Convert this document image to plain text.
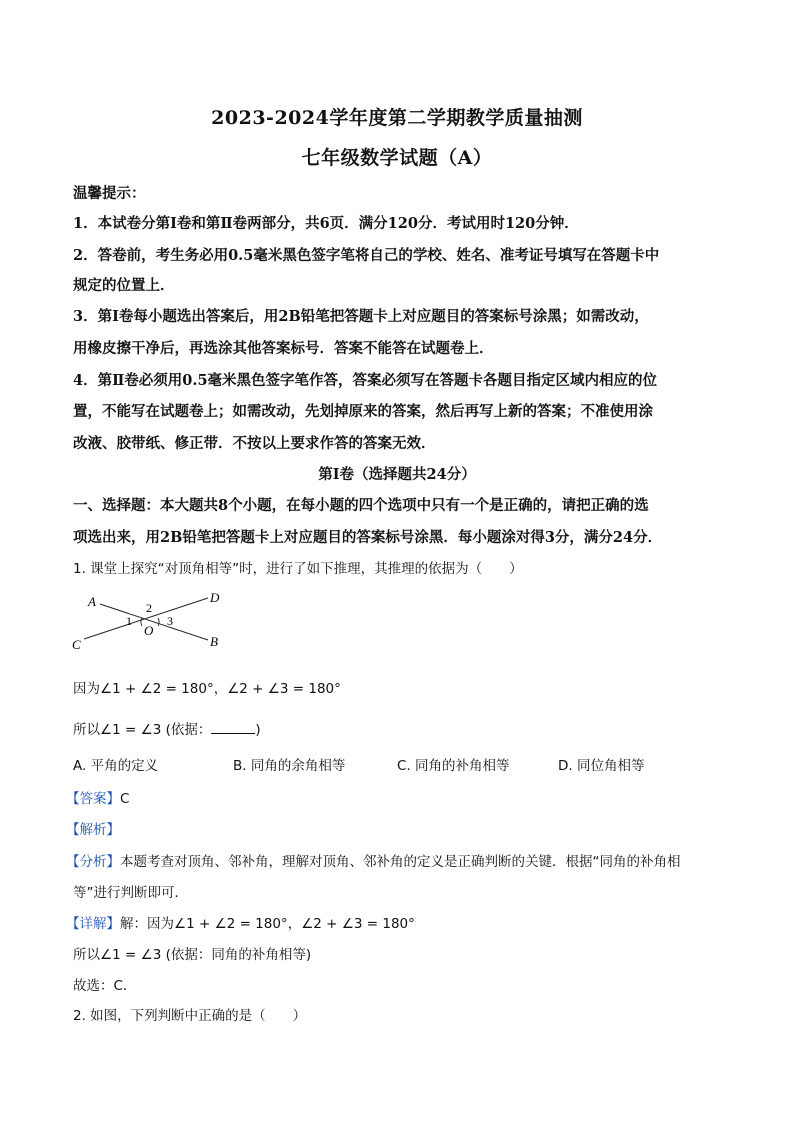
2023-2024学年度第二学期教学质量抽测
七年级数学试题（A）
温馨提示：
1．本试卷分第Ⅰ卷和第Ⅱ卷两部分，共6页．满分120分．考试用时120分钟．
2．答卷前，考生务必用0.5毫米黑色签字笔将自己的学校、姓名、准考证号填写在答题卡中
规定的位置上．
3．第Ⅰ卷每小题选出答案后，用2B铅笔把答题卡上对应题目的答案标号涂黑；如需改动，
用橡皮擦干净后，再选涂其他答案标号．答案不能答在试题卷上．
4．第Ⅱ卷必须用0.5毫米黑色签字笔作答，答案必须写在答题卡各题目指定区域内相应的位
置，不能写在试题卷上；如需改动，先划掉原来的答案，然后再写上新的答案；不准使用涂
改液、胶带纸、修正带．不按以上要求作答的答案无效．
第Ⅰ卷（选择题共24分）
一、选择题：本大题共8个小题，在每小题的四个选项中只有一个是正确的，请把正确的选
项选出来，用2B铅笔把答题卡上对应题目的答案标号涂黑．每小题涂对得3分，满分24分．
1. 课堂上探究“对顶角相等”时，进行了如下推理，其推理的依据为（　　）
A
B
C
D
O
1
2
3
因为∠1 + ∠2 = 180°，∠2 + ∠3 = 180°
所以∠1 = ∠3 (依据：	)
A. 平角的定义	B. 同角的余角相等	C. 同角的补角相等	D. 同位角相等
【答案】C
【解析】
【分析】本题考查对顶角、邻补角，理解对顶角、邻补角的定义是正确判断的关键．根据“同角的补角相
等”进行判断即可．
【详解】解：因为∠1 + ∠2 = 180°，∠2 + ∠3 = 180°
所以∠1 = ∠3 (依据：同角的补角相等)
故选：C．
2. 如图，下列判断中正确的是（　　）
